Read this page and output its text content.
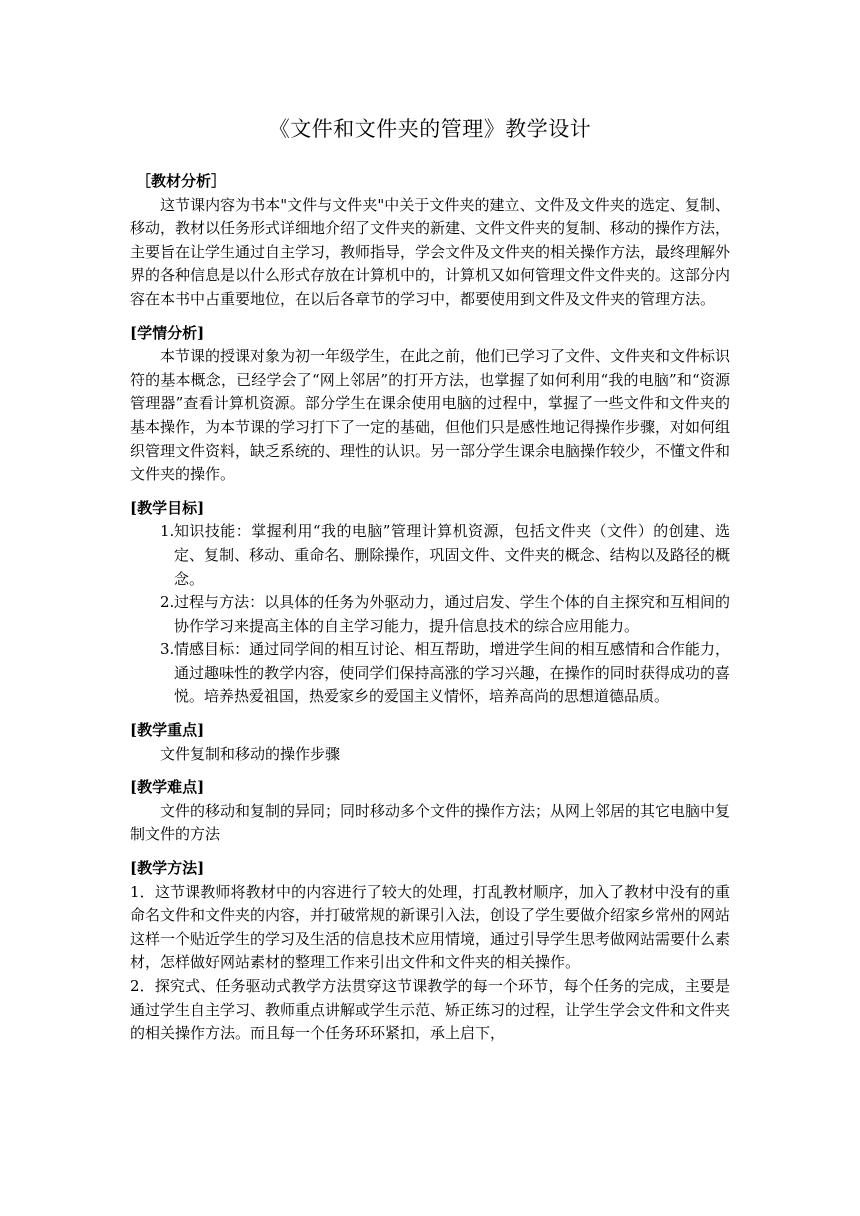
《文件和文件夹的管理》教学设计
［教材分析］

这节课内容为书本"文件与文件夹"中关于文件夹的建立、文件及文件夹的选定、复制、移动，教材以任务形式详细地介绍了文件夹的新建、文件文件夹的复制、移动的操作方法，主要旨在让学生通过自主学习，教师指导，学会文件及文件夹的相关操作方法，最终理解外界的各种信息是以什么形式存放在计算机中的，计算机又如何管理文件文件夹的。这部分内容在本书中占重要地位，在以后各章节的学习中，都要使用到文件及文件夹的管理方法。

[学情分析]

本节课的授课对象为初一年级学生，在此之前，他们已学习了文件、文件夹和文件标识符的基本概念，已经学会了“网上邻居”的打开方法，也掌握了如何利用“我的电脑”和“资源管理器”查看计算机资源。部分学生在课余使用电脑的过程中，掌握了一些文件和文件夹的基本操作，为本节课的学习打下了一定的基础，但他们只是感性地记得操作步骤，对如何组织管理文件资料，缺乏系统的、理性的认识。另一部分学生课余电脑操作较少，不懂文件和文件夹的操作。

[教学目标]
1. 知识技能：掌握利用“我的电脑”管理计算机资源，包括文件夹（文件）的创建、选定、复制、移动、重命名、删除操作，巩固文件、文件夹的概念、结构以及路径的概念。
2. 过程与方法：以具体的任务为外驱动力，通过启发、学生个体的自主探究和互相间的协作学习来提高主体的自主学习能力，提升信息技术的综合应用能力。
3. 情感目标：通过同学间的相互讨论、相互帮助，增进学生间的相互感情和合作能力，通过趣味性的教学内容，使同学们保持高涨的学习兴趣，在操作的同时获得成功的喜悦。培养热爱祖国，热爱家乡的爱国主义情怀，培养高尚的思想道德品质。
[教学重点]

文件复制和移动的操作步骤

[教学难点]

文件的移动和复制的异同；同时移动多个文件的操作方法；从网上邻居的其它电脑中复制文件的方法

[教学方法]

1．这节课教师将教材中的内容进行了较大的处理，打乱教材顺序，加入了教材中没有的重命名文件和文件夹的内容，并打破常规的新课引入法，创设了学生要做介绍家乡常州的网站这样一个贴近学生的学习及生活的信息技术应用情境，通过引导学生思考做网站需要什么素材，怎样做好网站素材的整理工作来引出文件和文件夹的相关操作。

2．探究式、任务驱动式教学方法贯穿这节课教学的每一个环节，每个任务的完成，主要是通过学生自主学习、教师重点讲解或学生示范、矫正练习的过程，让学生学会文件和文件夹的相关操作方法。而且每一个任务环环紧扣，承上启下，
